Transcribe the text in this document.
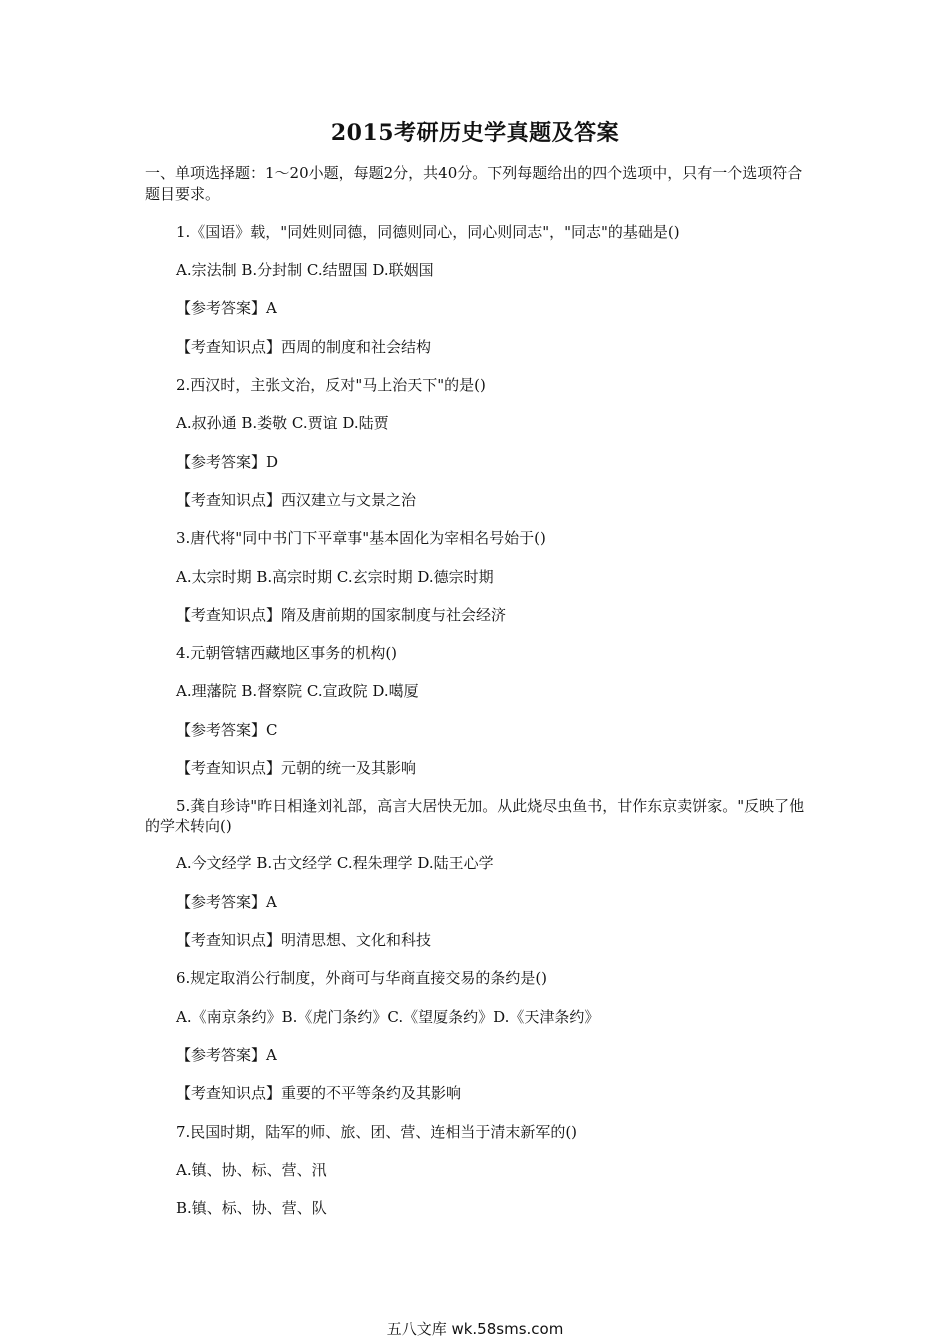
2015考研历史学真题及答案
一、单项选择题：1～20小题，每题2分，共40分。下列每题给出的四个选项中，只有一个选项符合题目要求。
1.《国语》载，"同姓则同德，同德则同心，同心则同志"，"同志"的基础是()
A.宗法制 B.分封制 C.结盟国 D.联姻国
【参考答案】A
【考查知识点】西周的制度和社会结构
2.西汉时，主张文治，反对"马上治天下"的是()
A.叔孙通 B.娄敬 C.贾谊 D.陆贾
【参考答案】D
【考查知识点】西汉建立与文景之治
3.唐代将"同中书门下平章事"基本固化为宰相名号始于()
A.太宗时期 B.高宗时期 C.玄宗时期 D.德宗时期
【考查知识点】隋及唐前期的国家制度与社会经济
4.元朝管辖西藏地区事务的机构()
A.理藩院 B.督察院 C.宣政院 D.噶厦
【参考答案】C
【考查知识点】元朝的统一及其影响
5.龚自珍诗"昨日相逢刘礼部，高言大居快无加。从此烧尽虫鱼书，甘作东京卖饼家。"反映了他的学术转向()
A.今文经学 B.古文经学 C.程朱理学 D.陆王心学
【参考答案】A
【考查知识点】明清思想、文化和科技
6.规定取消公行制度，外商可与华商直接交易的条约是()
A.《南京条约》B.《虎门条约》C.《望厦条约》D.《天津条约》
【参考答案】A
【考查知识点】重要的不平等条约及其影响
7.民国时期，陆军的师、旅、团、营、连相当于清末新军的()
A.镇、协、标、营、汛
B.镇、标、协、营、队
五八文库 wk.58sms.com
